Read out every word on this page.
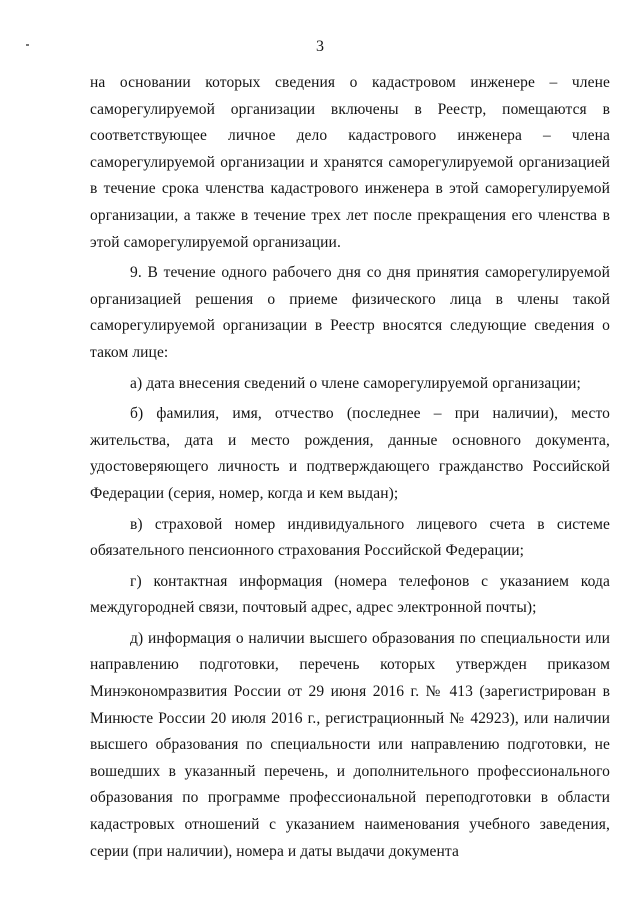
3

на основании которых сведения о кадастровом инженере – члене саморегулируемой организации включены в Реестр, помещаются в соответствующее личное дело кадастрового инженера – члена саморегулируемой организации и хранятся саморегулируемой организацией в течение срока членства кадастрового инженера в этой саморегулируемой организации, а также в течение трех лет после прекращения его членства в этой саморегулируемой организации.

9. В течение одного рабочего дня со дня принятия саморегулируемой организацией решения о приеме физического лица в члены такой саморегулируемой организации в Реестр вносятся следующие сведения о таком лице:

а) дата внесения сведений о члене саморегулируемой организации;

б) фамилия, имя, отчество (последнее – при наличии), место жительства, дата и место рождения, данные основного документа, удостоверяющего личность и подтверждающего гражданство Российской Федерации (серия, номер, когда и кем выдан);

в) страховой номер индивидуального лицевого счета в системе обязательного пенсионного страхования Российской Федерации;

г) контактная информация (номера телефонов с указанием кода междугородней связи, почтовый адрес, адрес электронной почты);

д) информация о наличии высшего образования по специальности или направлению подготовки, перечень которых утвержден приказом Минэкономразвития России от 29 июня 2016 г. № 413 (зарегистрирован в Минюсте России 20 июля 2016 г., регистрационный № 42923), или наличии высшего образования по специальности или направлению подготовки, не вошедших в указанный перечень, и дополнительного профессионального образования по программе профессиональной переподготовки в области кадастровых отношений с указанием наименования учебного заведения, серии (при наличии), номера и даты выдачи документа
